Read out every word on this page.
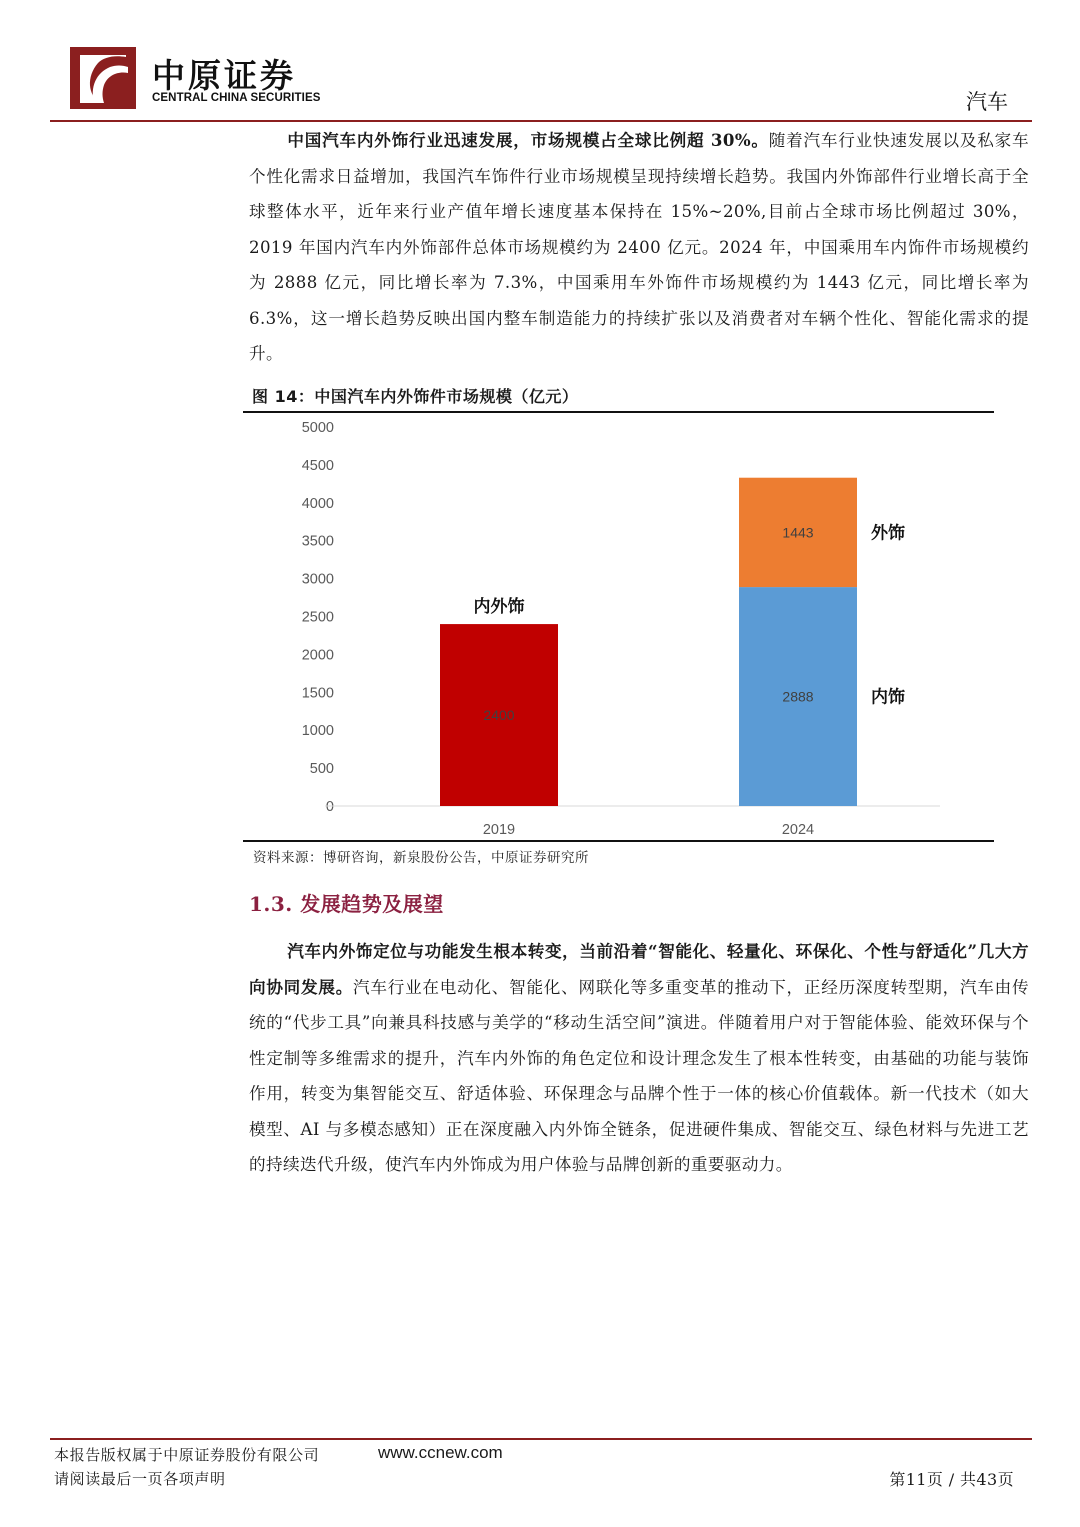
中原证券
CENTRAL CHINA SECURITIES	汽车
中国汽车内外饰行业迅速发展，市场规模占全球比例超 30%。随着汽车行业快速发展以及私家车个性化需求日益增加，我国汽车饰件行业市场规模呈现持续增长趋势。我国内外饰部件行业增长高于全球整体水平，近年来行业产值年增长速度基本保持在 15%~20%,目前占全球市场比例超过 30%，2019 年国内汽车内外饰部件总体市场规模约为 2400 亿元。2024 年，中国乘用车内饰件市场规模约为 2888 亿元，同比增长率为 7.3%，中国乘用车外饰件市场规模约为 1443 亿元，同比增长率为 6.3%，这一增长趋势反映出国内整车制造能力的持续扩张以及消费者对车辆个性化、智能化需求的提升。
图 14：中国汽车内外饰件市场规模（亿元）
0
500
1000
1500
2000
2500
3000
3500
4000
4500
5000
2400
内外饰
2888	内饰
1443	外饰
2019	2024
资料来源：博研咨询，新泉股份公告，中原证券研究所
1.3. 发展趋势及展望
汽车内外饰定位与功能发生根本转变，当前沿着“智能化、轻量化、环保化、个性与舒适化”几大方向协同发展。汽车行业在电动化、智能化、网联化等多重变革的推动下，正经历深度转型期，汽车由传统的“代步工具”向兼具科技感与美学的“移动生活空间”演进。伴随着用户对于智能体验、能效环保与个性定制等多维需求的提升，汽车内外饰的角色定位和设计理念发生了根本性转变，由基础的功能与装饰作用，转变为集智能交互、舒适体验、环保理念与品牌个性于一体的核心价值载体。新一代技术（如大模型、AI 与多模态感知）正在深度融入内外饰全链条，促进硬件集成、智能交互、绿色材料与先进工艺的持续迭代升级，使汽车内外饰成为用户体验与品牌创新的重要驱动力。
本报告版权属于中原证券股份有限公司	www.ccnew.com
请阅读最后一页各项声明	第11页 / 共43页
